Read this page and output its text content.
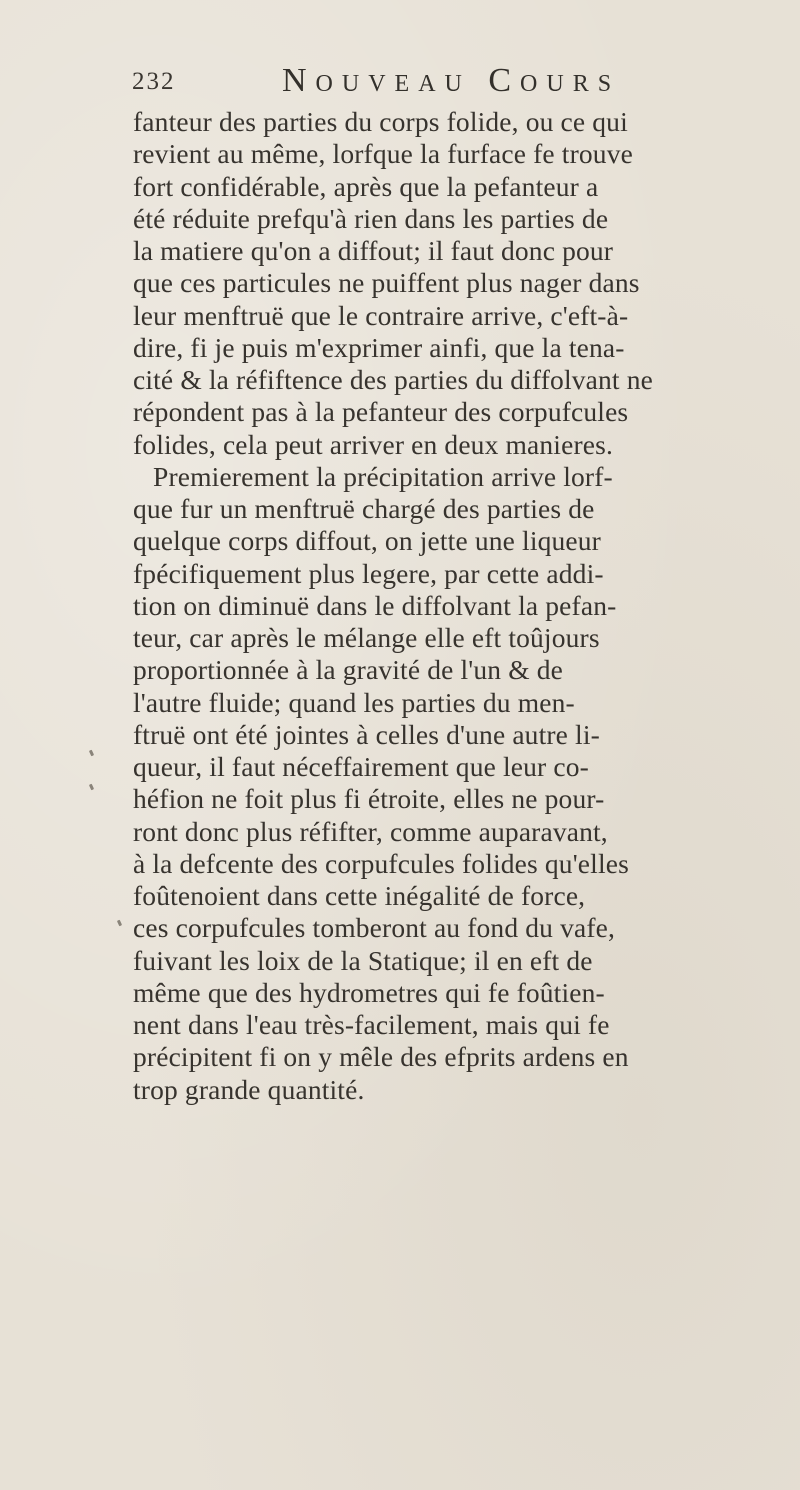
232	Nouveau Cours
fanteur des parties du corps folide, ou ce qui
revient au même, lorfque la furface fe trouve
fort confidérable, après que la pefanteur a
été réduite prefqu'à rien dans les parties de
la matiere qu'on a diffout; il faut donc pour
que ces particules ne puiffent plus nager dans
leur menftruë que le contraire arrive, c'eft-à-
dire, fi je puis m'exprimer ainfi, que la tena-
cité & la réfiftence des parties du diffolvant ne
répondent pas à la pefanteur des corpufcules
folides, cela peut arriver en deux manieres.
Premierement la précipitation arrive lorf-
que fur un menftruë chargé des parties de
quelque corps diffout, on jette une liqueur
fpécifiquement plus legere, par cette addi-
tion on diminuë dans le diffolvant la pefan-
teur, car après le mélange elle eft toûjours
proportionnée à la gravité de l'un & de
l'autre fluide; quand les parties du men-
ftruë ont été jointes à celles d'une autre li-
queur, il faut néceffairement que leur co-
héfion ne foit plus fi étroite, elles ne pour-
ront donc plus réfifter, comme auparavant,
à la defcente des corpufcules folides qu'elles
foûtenoient dans cette inégalité de force,
ces corpufcules tomberont au fond du vafe,
fuivant les loix de la Statique; il en eft de
même que des hydrometres qui fe foûtien-
nent dans l'eau très-facilement, mais qui fe
précipitent fi on y mêle des efprits ardens en
trop grande quantité.
